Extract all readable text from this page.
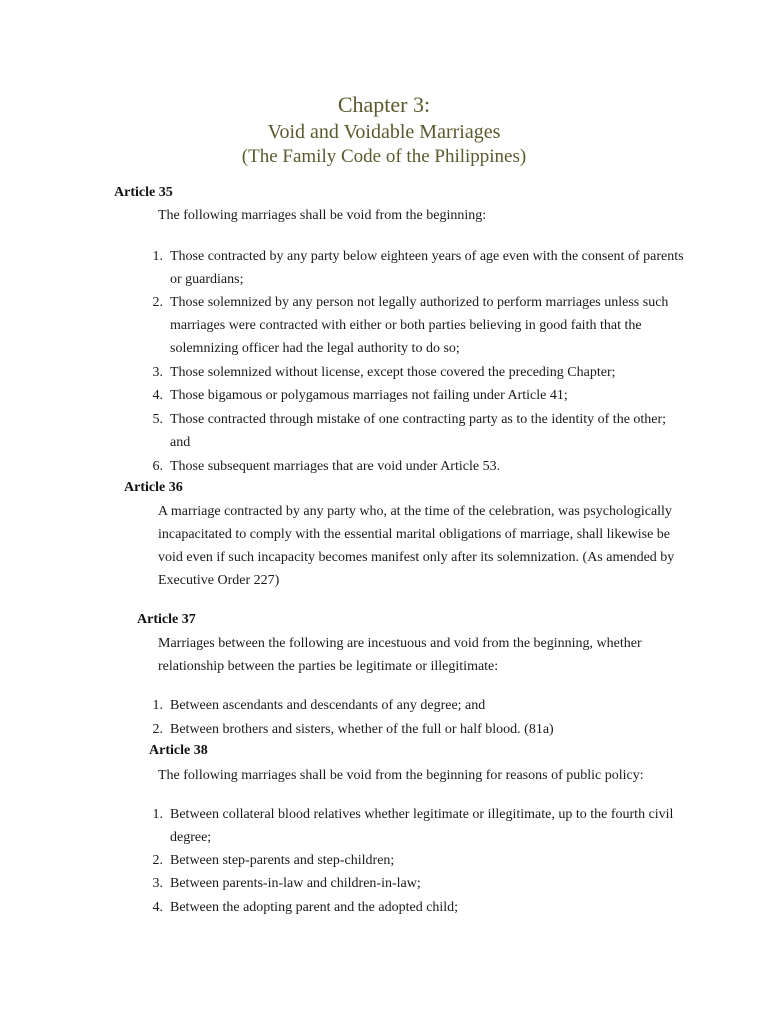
Chapter 3:
Void and Voidable Marriages
(The Family Code of the Philippines)
Article 35
The following marriages shall be void from the beginning:
1. Those contracted by any party below eighteen years of age even with the consent of parents
or guardians;
2. Those solemnized by any person not legally authorized to perform marriages unless such
marriages were contracted with either or both parties believing in good faith that the
solemnizing officer had the legal authority to do so;
3. Those solemnized without license, except those covered the preceding Chapter;
4. Those bigamous or polygamous marriages not failing under Article 41;
5. Those contracted through mistake of one contracting party as to the identity of the other;
and
6. Those subsequent marriages that are void under Article 53.
Article 36
A marriage contracted by any party who, at the time of the celebration, was psychologically
incapacitated to comply with the essential marital obligations of marriage, shall likewise be
void even if such incapacity becomes manifest only after its solemnization. (As amended by
Executive Order 227)
Article 37
Marriages between the following are incestuous and void from the beginning, whether
relationship between the parties be legitimate or illegitimate:
1. Between ascendants and descendants of any degree; and
2. Between brothers and sisters, whether of the full or half blood. (81a)
Article 38
The following marriages shall be void from the beginning for reasons of public policy:
1. Between collateral blood relatives whether legitimate or illegitimate, up to the fourth civil
degree;
2. Between step-parents and step-children;
3. Between parents-in-law and children-in-law;
4. Between the adopting parent and the adopted child;
